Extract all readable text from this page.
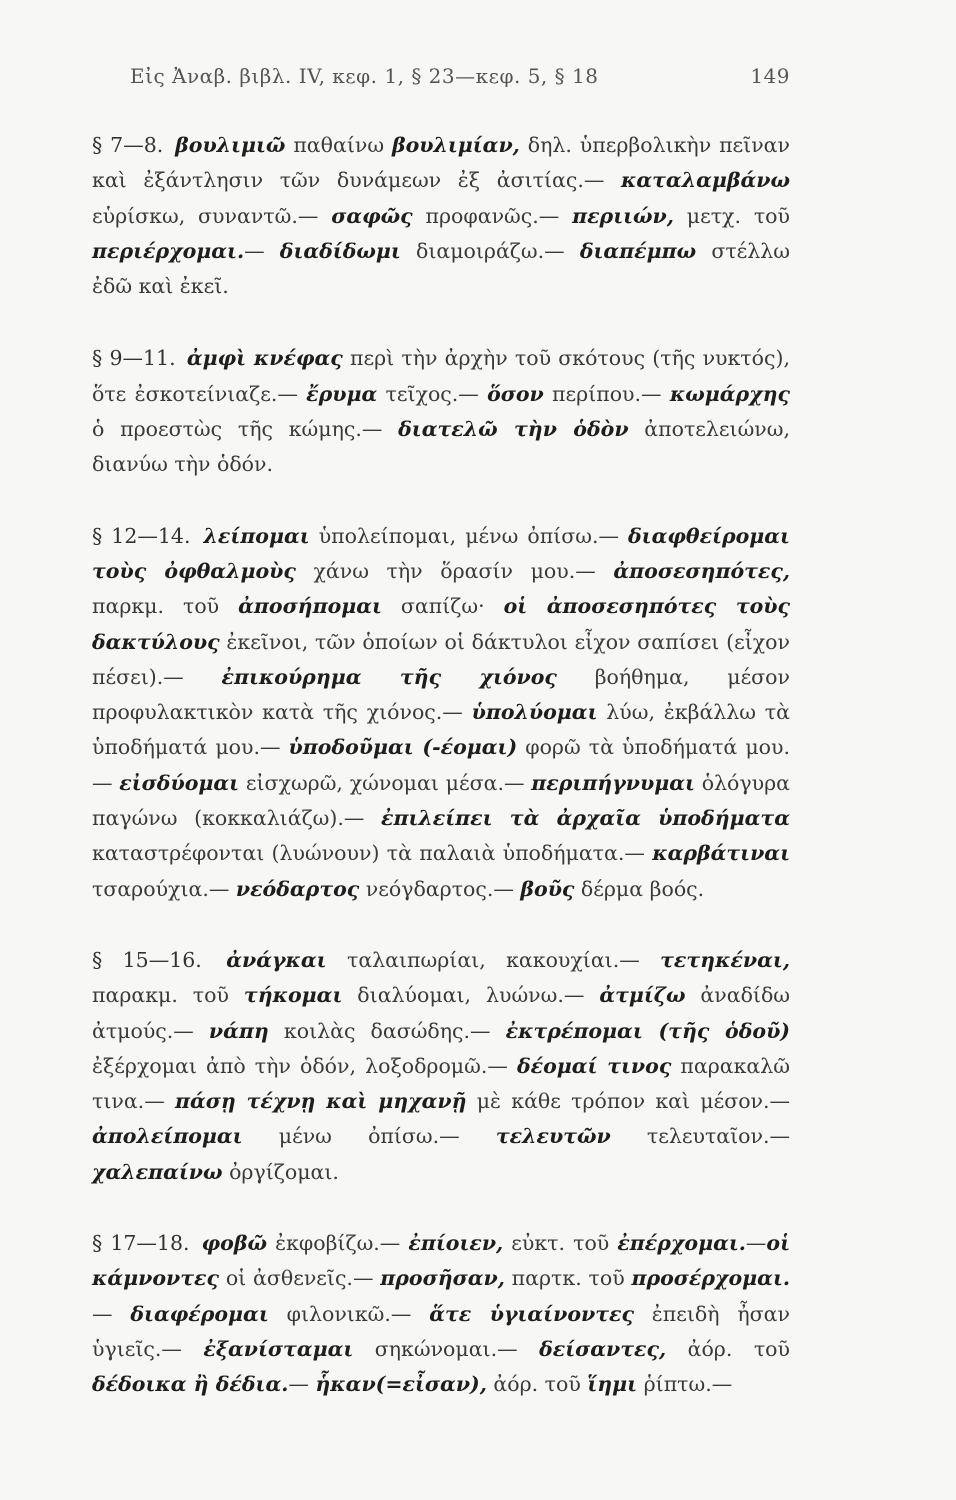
Εἰς Ἀναβ. βιβλ. IV, κεφ. 1, § 23—κεφ. 5, § 18	149

§ 7—8. βουλιμιῶ παθαίνω βουλιμίαν, δηλ. ὑπερβολικὴν πεῖναν καὶ ἐξάντλησιν τῶν δυνάμεων ἐξ ἀσιτίας.— καταλαμβάνω εὑρίσκω, συναντῶ.— σαφῶς προφανῶς.— περιιών, μετχ. τοῦ περιέρχομαι.— διαδίδωμι διαμοιράζω.— διαπέμπω στέλλω ἐδῶ καὶ ἐκεῖ.

§ 9—11. ἀμφὶ κνέφας περὶ τὴν ἀρχὴν τοῦ σκότους (τῆς νυκτός), ὅτε ἐσκοτείνιαζε.— ἔρυμα τεῖχος.— ὅσον περίπου.— κωμάρχης ὁ προεστὼς τῆς κώμης.— διατελῶ τὴν ὁδὸν ἀποτελειώνω, διανύω τὴν ὁδόν.

§ 12—14. λείπομαι ὑπολείπομαι, μένω ὀπίσω.— διαφθείρομαι τοὺς ὀφθαλμοὺς χάνω τὴν ὅρασίν μου.— ἀποσεσηπότες, παρκμ. τοῦ ἀποσήπομαι σαπίζω· οἱ ἀποσεσηπότες τοὺς δακτύλους ἐκεῖνοι, τῶν ὁποίων οἱ δάκτυλοι εἶχον σαπίσει (εἶχον πέσει).— ἐπικούρημα τῆς χιόνος βοήθημα, μέσον προφυλακτικὸν κατὰ τῆς χιόνος.— ὑπολύομαι λύω, ἐκβάλλω τὰ ὑποδήματά μου.— ὑποδοῦμαι (-έομαι) φορῶ τὰ ὑποδήματά μου.— εἰσδύομαι εἰσχωρῶ, χώνομαι μέσα.— περιπήγνυμαι ὁλόγυρα παγώνω (κοκκαλιάζω).— ἐπιλείπει τὰ ἀρχαῖα ὑποδήματα καταστρέφονται (λυώνουν) τὰ παλαιὰ ὑποδήματα.— καρβάτιναι τσαρούχια.— νεόδαρτος νεόγδαρτος.— βοῦς δέρμα βοός.

§ 15—16. ἀνάγκαι ταλαιπωρίαι, κακουχίαι.— τετηκέναι, παρακμ. τοῦ τήκομαι διαλύομαι, λυώνω.— ἀτμίζω ἀναδίδω ἀτμούς.— νάπη κοιλὰς δασώδης.— ἐκτρέπομαι (τῆς ὁδοῦ) ἐξέρχομαι ἀπὸ τὴν ὁδόν, λοξοδρομῶ.— δέομαί τινος παρακαλῶ τινα.— πάσῃ τέχνῃ καὶ μηχανῇ μὲ κάθε τρόπον καὶ μέσον.— ἀπολείπομαι μένω ὀπίσω.— τελευτῶν τελευταῖον.— χαλεπαίνω ὀργίζομαι.

§ 17—18. φοβῶ ἐκφοβίζω.— ἐπίοιεν, εὐκτ. τοῦ ἐπέρχομαι.—οἱ κάμνοντες οἱ ἀσθενεῖς.— προσῆσαν, παρτκ. τοῦ προσέρχομαι.— διαφέρομαι φιλονικῶ.— ἅτε ὑγιαίνοντες ἐπειδὴ ἦσαν ὑγιεῖς.— ἐξανίσταμαι σηκώνομαι.— δείσαντες, ἀόρ. τοῦ δέδοικα ἢ δέδια.— ἧκαν(=εἶσαν), ἀόρ. τοῦ ἵημι ῥίπτω.—
